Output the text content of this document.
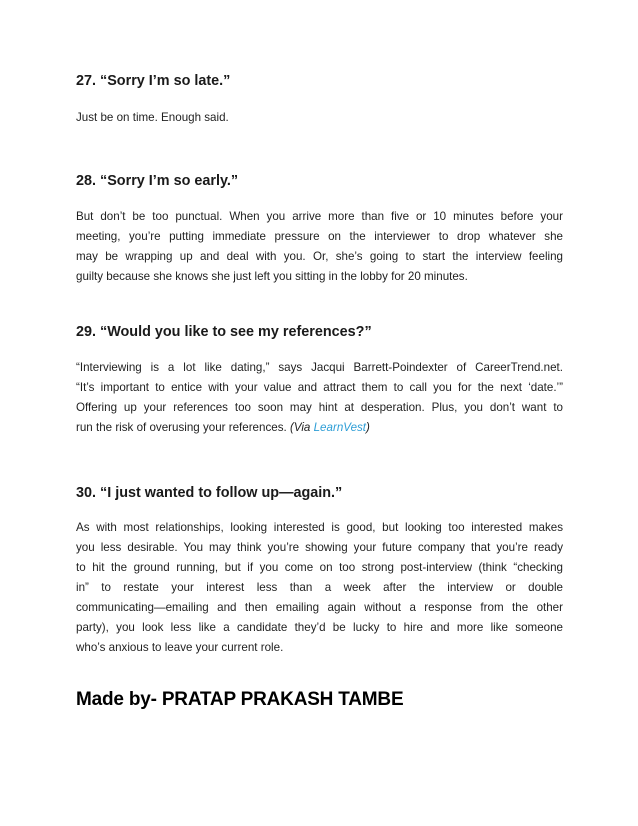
27. “Sorry I’m so late.”

Just be on time. Enough said.

28. “Sorry I’m so early.”

But don’t be too punctual. When you arrive more than five or 10 minutes before your
meeting, you’re putting immediate pressure on the interviewer to drop whatever she
may be wrapping up and deal with you. Or, she’s going to start the interview feeling
guilty because she knows she just left you sitting in the lobby for 20 minutes.

29. “Would you like to see my references?”

“Interviewing is a lot like dating,” says Jacqui Barrett-Poindexter of CareerTrend.net.
“It’s important to entice with your value and attract them to call you for the next ‘date.’”
Offering up your references too soon may hint at desperation. Plus, you don’t want to
run the risk of overusing your references. (Via LearnVest)

30. “I just wanted to follow up—again.”

As with most relationships, looking interested is good, but looking too interested makes
you less desirable. You may think you’re showing your future company that you’re ready
to hit the ground running, but if you come on too strong post-interview (think “checking
in” to restate your interest less than a week after the interview or double
communicating—emailing and then emailing again without a response from the other
party), you look less like a candidate they’d be lucky to hire and more like someone
who’s anxious to leave your current role.

Made by- PRATAP PRAKASH TAMBE
